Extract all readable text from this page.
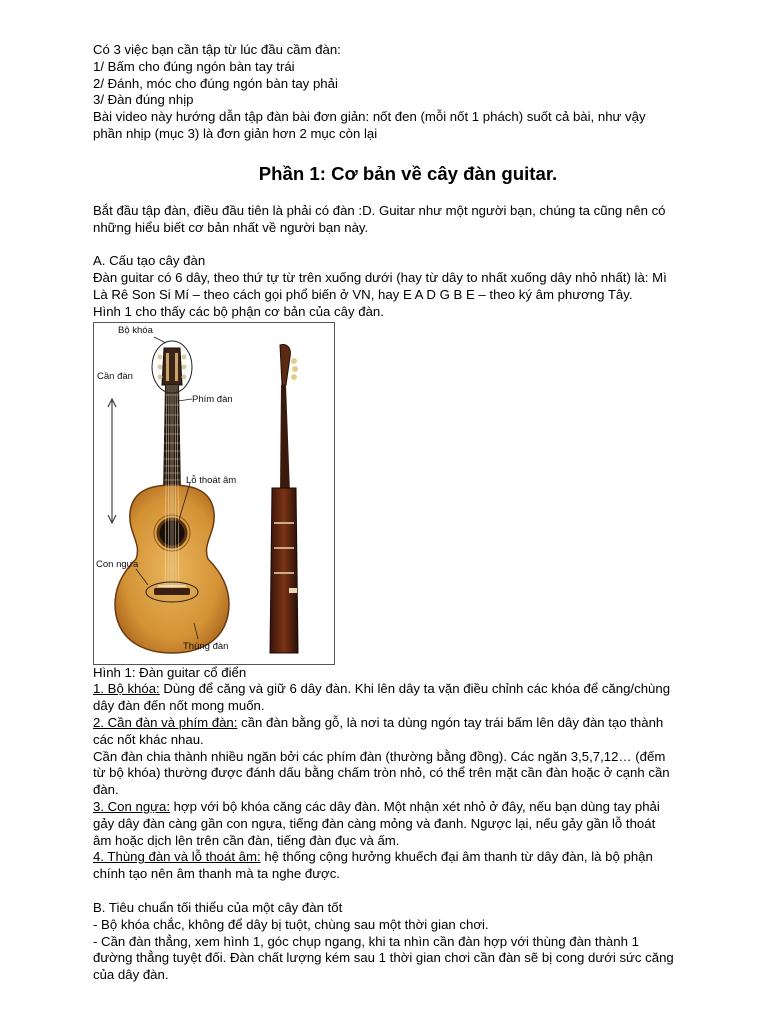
Có 3 việc bạn cần tập từ lúc đầu cầm đàn:
1/ Bấm cho đúng ngón bàn tay trái
2/ Đánh, móc cho đúng ngón bàn tay phải
3/ Đàn đúng nhịp
Bài video này hướng dẫn tập đàn bài đơn giản: nốt đen (mỗi nốt 1 phách) suốt cả bài, như vậy
phần nhịp (mục 3) là đơn giản hơn 2 mục còn lại
Phần 1: Cơ bản về cây đàn guitar.
Bắt đầu tập đàn, điều đầu tiên là phải có đàn :D. Guitar như một người bạn, chúng ta cũng nên có
những hiểu biết cơ bản nhất về người bạn này.
A. Cấu tạo cây đàn
Đàn guitar có 6 dây, theo thứ tự từ trên xuống dưới (hay từ dây to nhất xuống dây nhỏ nhất) là: Mì
Là Rê Son Si Mí – theo cách gọi phổ biến ở VN, hay E A D G B E – theo ký âm phương Tây.
Hình 1 cho thấy các bộ phận cơ bản của cây đàn.
Bộ khóa
Cần đàn
Phím đàn
Lỗ thoát âm
Con ngựa
Thùng đàn
Hình 1: Đàn guitar cổ điển
1. Bộ khóa: Dùng để căng và giữ 6 dây đàn. Khi lên dây ta vặn điều chỉnh các khóa để căng/chùng
dây đàn đến nốt mong muốn.
2. Cần đàn và phím đàn: cần đàn bằng gỗ, là nơi ta dùng ngón tay trái bấm lên dây đàn tạo thành
các nốt khác nhau.
Cần đàn chia thành nhiều ngăn bởi các phím đàn (thường bằng đồng). Các ngăn 3,5,7,12… (đếm
từ bộ khóa) thường được đánh dấu bằng chấm tròn nhỏ, có thể trên mặt cần đàn hoặc ở cạnh cần
đàn.
3. Con ngựa: hợp với bộ khóa căng các dây đàn. Một nhận xét nhỏ ở đây, nếu bạn dùng tay phải
gảy dây đàn càng gần con ngựa, tiếng đàn càng mỏng và đanh. Ngược lại, nếu gảy gần lỗ thoát
âm hoặc dịch lên trên cần đàn, tiếng đàn đục và ấm.
4. Thùng đàn và lỗ thoát âm: hệ thống cộng hưởng khuếch đại âm thanh từ dây đàn, là bộ phận
chính tạo nên âm thanh mà ta nghe được.
B. Tiêu chuẩn tối thiểu của một cây đàn tốt
- Bộ khóa chắc, không để dây bị tuột, chùng sau một thời gian chơi.
- Cần đàn thẳng, xem hình 1, góc chụp ngang, khi ta nhìn cần đàn hợp với thùng đàn thành 1
đường thẳng tuyệt đối. Đàn chất lượng kém sau 1 thời gian chơi cần đàn sẽ bị cong dưới sức căng
của dây đàn.
